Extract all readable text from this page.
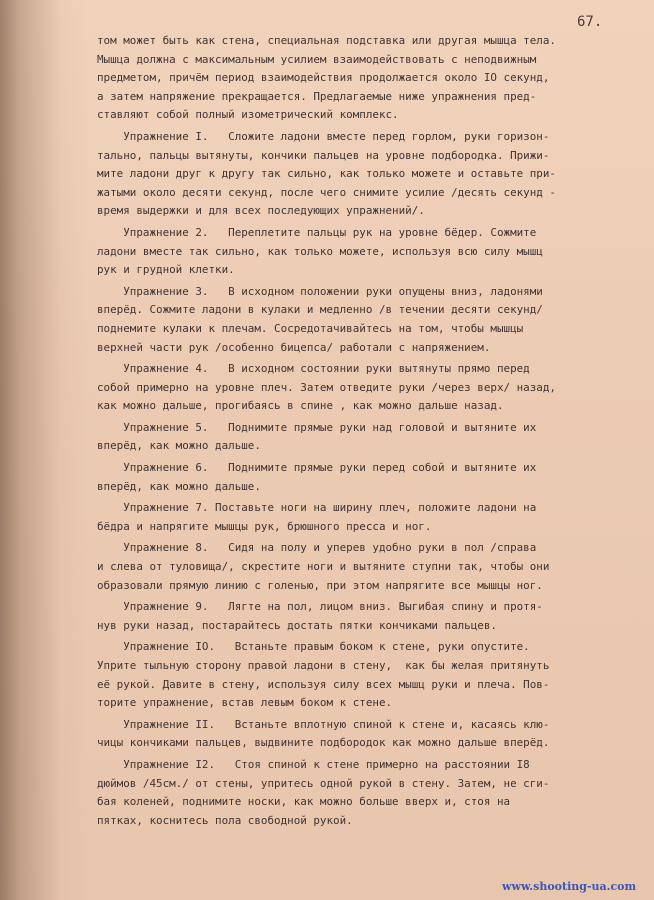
67.
том может быть как стена, специальная подставка или другая мышца тела.
Мышца должна с максимальным усилием взаимодействовать с неподвижным
предметом, причём период взаимодействия продолжается около IO секунд,
а затем напряжение прекращается. Предлагаемые ниже упражнения пред-
ставляют собой полный изометрический комплекс.
Упражнение I.   Сложите ладони вместе перед горлом, руки горизон-
тально, пальцы вытянуты, кончики пальцев на уровне подбородка. Прижи-
мите ладони друг к другу так сильно, как только можете и оставьте при-
жатыми около десяти секунд, после чего снимите усилие /десять секунд -
время выдержки и для всех последующих упражнений/.
Упражнение 2.   Переплетите пальцы рук на уровне бёдер. Сожмите
ладони вместе так сильно, как только можете, используя всю силу мышц
рук и грудной клетки.
Упражнение 3.   В исходном положении руки опущены вниз, ладонями
вперёд. Сожмите ладони в кулаки и медленно /в течении десяти секунд/
поднемите кулаки к плечам. Сосредотачивайтесь на том, чтобы мышцы
верхней части рук /особенно бицепса/ работали с напряжением.
Упражнение 4.   В исходном состоянии руки вытянуты прямо перед
собой примерно на уровне плеч. Затем отведите руки /через верх/ назад,
как можно дальше, прогибаясь в спине , как можно дальше назад.
Упражнение 5.   Поднимите прямые руки над головой и вытяните их
вперёд, как можно дальше.
Упражнение 6.   Поднимите прямые руки перед собой и вытяните их
вперёд, как можно дальше.
Упражнение 7. Поставьте ноги на ширину плеч, положите ладони на
бёдра и напрягите мышцы рук, брюшного пресса и ног.
Упражнение 8.   Сидя на полу и уперев удобно руки в пол /справа
и слева от туловища/, скрестите ноги и вытяните ступни так, чтобы они
образовали прямую линию с голенью, при этом напрягите все мышцы ног.
Упражнение 9.   Лягте на пол, лицом вниз. Выгибая спину и протя-
нув руки назад, постарайтесь достать пятки кончиками пальцев.
Упражнение IO.   Встаньте правым боком к стене, руки опустите.
Уприте тыльную сторону правой ладони в стену,  как бы желая притянуть
её рукой. Давите в стену, используя силу всех мышц руки и плеча. Пов-
торите упражнение, встав левым боком к стене.
Упражнение II.   Встаньте вплотную спиной к стене и, касаясь клю-
чицы кончиками пальцев, выдвините подбородок как можно дальше вперёд.
Упражнение I2.   Стоя спиной к стене примерно на расстоянии I8
дюймов /45см./ от стены, упритесь одной рукой в стену. Затем, не сги-
бая коленей, поднимите носки, как можно больше вверх и, стоя на
пятках, коснитесь пола свободной рукой.
www.shooting-ua.com
